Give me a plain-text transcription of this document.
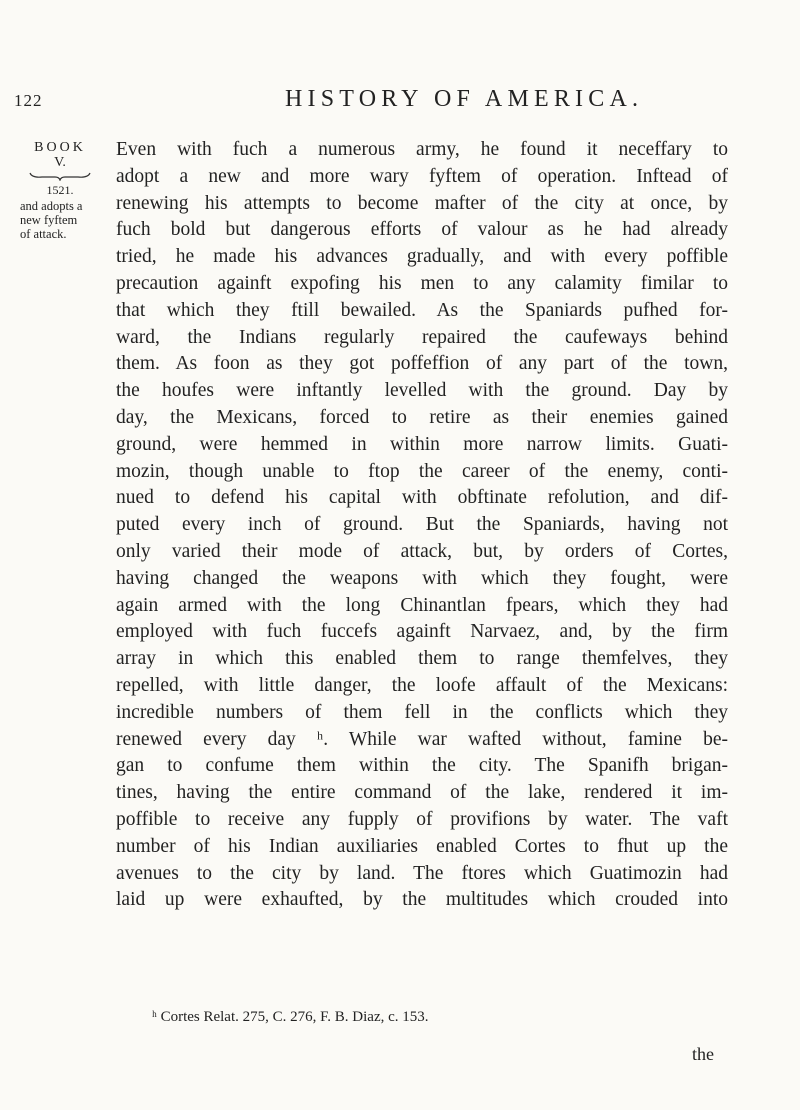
122	HISTORY OF AMERICA.
BOOK
V.
1521.
and adopts a
new fyftem
of attack.
Even with fuch a numerous army, he found it neceffary to
adopt a new and more wary fyftem of operation. Inftead of
renewing his attempts to become mafter of the city at once, by
fuch bold but dangerous efforts of valour as he had already
tried, he made his advances gradually, and with every poffible
precaution againft expofing his men to any calamity fimilar to
that which they ftill bewailed. As the Spaniards pufhed for-
ward, the Indians regularly repaired the caufeways behind
them. As foon as they got poffeffion of any part of the town,
the houfes were inftantly levelled with the ground. Day by
day, the Mexicans, forced to retire as their enemies gained
ground, were hemmed in within more narrow limits. Guati-
mozin, though unable to ftop the career of the enemy, conti-
nued to defend his capital with obftinate refolution, and dif-
puted every inch of ground. But the Spaniards, having not
only varied their mode of attack, but, by orders of Cortes,
having changed the weapons with which they fought, were
again armed with the long Chinantlan fpears, which they had
employed with fuch fuccefs againft Narvaez, and, by the firm
array in which this enabled them to range themfelves, they
repelled, with little danger, the loofe affault of the Mexicans:
incredible numbers of them fell in the conflicts which they
renewed every day ʰ. While war wafted without, famine be-
gan to confume them within the city. The Spanifh brigan-
tines, having the entire command of the lake, rendered it im-
poffible to receive any fupply of provifions by water. The vaft
number of his Indian auxiliaries enabled Cortes to fhut up the
avenues to the city by land. The ftores which Guatimozin had
laid up were exhaufted, by the multitudes which crouded into
ʰ Cortes Relat. 275, C. 276, F. B. Diaz, c. 153.
the
